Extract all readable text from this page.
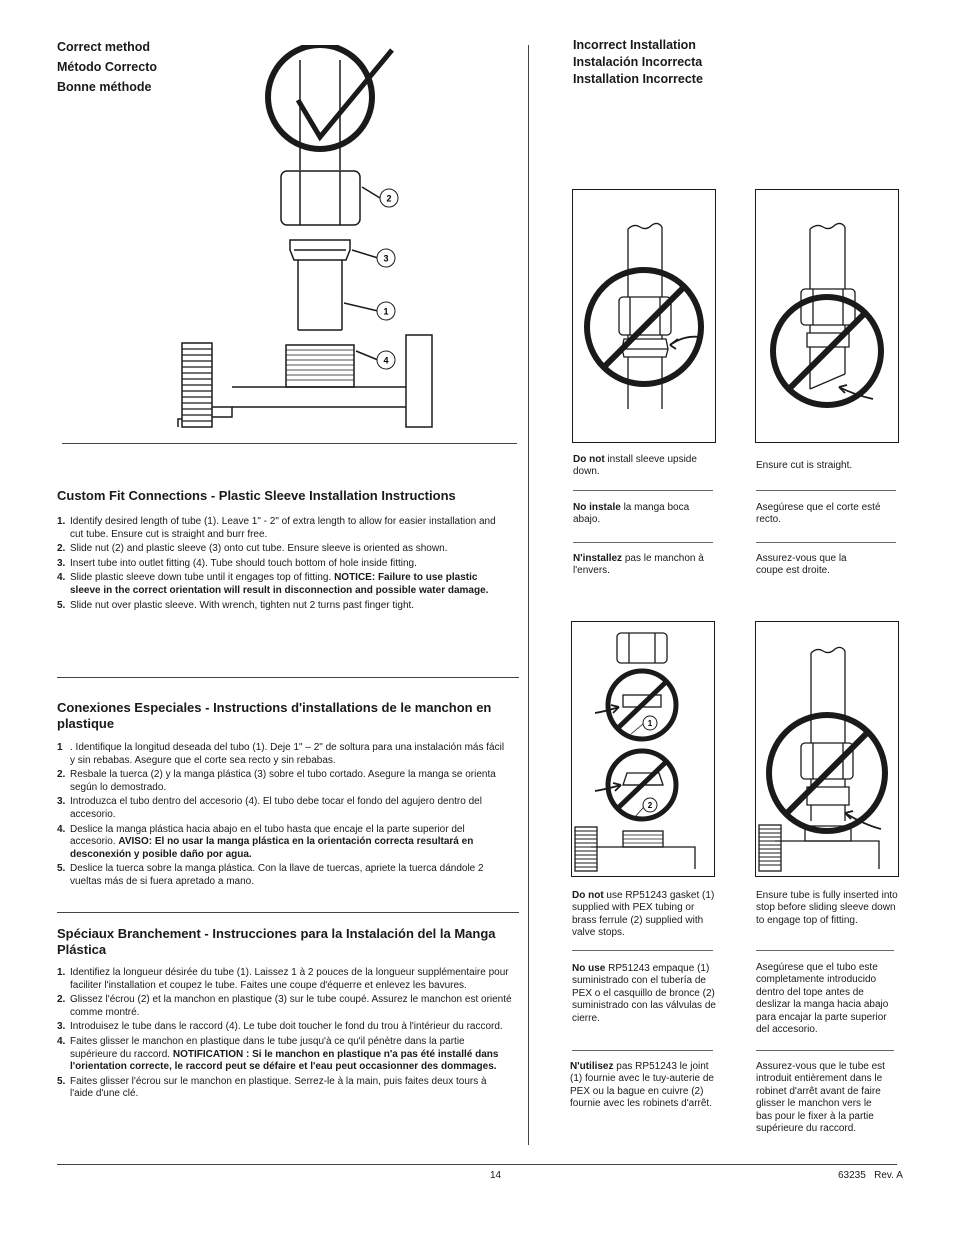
Correct method
Método Correcto
Bonne méthode
2
3
1
4
Custom Fit Connections - Plastic Sleeve Installation Instructions
1. Identify desired length of tube (1). Leave 1" - 2" of extra length to allow for easier installation and cut tube. Ensure cut is straight and burr free.
2. Slide nut (2) and plastic sleeve (3) onto cut tube. Ensure sleeve is oriented as shown.
3. Insert tube into outlet fitting (4). Tube should touch bottom of hole inside fitting.
4. Slide plastic sleeve down tube until it engages top of fitting. NOTICE: Failure to use plastic sleeve in the correct orientation will result in disconnection and possible water damage.
5. Slide nut over plastic sleeve. With wrench, tighten nut 2 turns past finger tight.
Conexiones Especiales - Instructions d'installations de le manchon en plastique
1 . Identifique la longitud deseada del tubo (1). Deje 1" – 2" de soltura para una instalación más fácil y sin rebabas. Asegure que el corte sea recto y sin rebabas.
2. Resbale la tuerca (2) y la manga plástica (3) sobre el tubo cortado. Asegure la manga se orienta según lo demostrado.
3. Introduzca el tubo dentro del accesorio (4). El tubo debe tocar el fondo del agujero dentro del accesorio.
4. Deslice la manga plástica hacia abajo en el tubo hasta que encaje el la parte superior del accesorio. AVISO: El no usar la manga plástica en la orientación correcta resultará en desconexión y posible daño por agua.
5. Deslice la tuerca sobre la manga plástica. Con la llave de tuercas, apriete la tuerca dándole 2 vueltas más de si fuera apretado a mano.
Spéciaux Branchement - Instrucciones para la Instalación del la Manga Plástica
1. Identifiez la longueur désirée du tube (1). Laissez 1 à 2 pouces de la longueur supplémentaire pour faciliter l'installation et coupez le tube. Faites une coupe d'équerre et enlevez les bavures.
2. Glissez l'écrou (2) et la manchon en plastique (3) sur le tube coupé. Assurez le manchon est orienté comme montré.
3. Introduisez le tube dans le raccord (4). Le tube doit toucher le fond du trou à l'intérieur du raccord.
4. Faites glisser le manchon en plastique dans le tube jusqu'à ce qu'il pénètre dans la partie supérieure du raccord. NOTIFICATION : Si le manchon en plastique n'a pas été installé dans l'orientation correcte, le raccord peut se défaire et l'eau peut occasionner des dommages.
5. Faites glisser l'écrou sur le manchon en plastique. Serrez-le à la main, puis faites deux tours à l'aide d'une clé.
Incorrect Installation
Instalación Incorrecta
Installation Incorrecte
Do not install sleeve upside down.
No instale la manga boca abajo.
N'installez pas le manchon à l'envers.
Ensure cut is straight.
Asegúrese que el corte esté recto.
Assurez-vous que la coupe est droite.
1
2
Do not use RP51243 gasket (1) supplied with PEX tubing or brass ferrule (2) supplied with valve stops.
No use RP51243 empaque (1) suministrado con el tubería de PEX o el casquillo de bronce (2) suministrado con las válvulas de cierre.
N'utilisez pas RP51243 le joint (1) fournie avec le tuy-auterie de PEX ou la bague en cuivre (2) fournie avec les robinets d'arrêt.
Ensure tube is fully inserted into stop before sliding sleeve down to engage top of fitting.
Asegúrese que el tubo este completamente introducido dentro del tope antes de deslizar la manga hacia abajo para encajar la parte superior del accesorio.
Assurez-vous que le tube est introduit entièrement dans le robinet d'arrêt avant de faire glisser le manchon vers le bas pour le fixer à la partie supérieure du raccord.
14	63235   Rev. A
